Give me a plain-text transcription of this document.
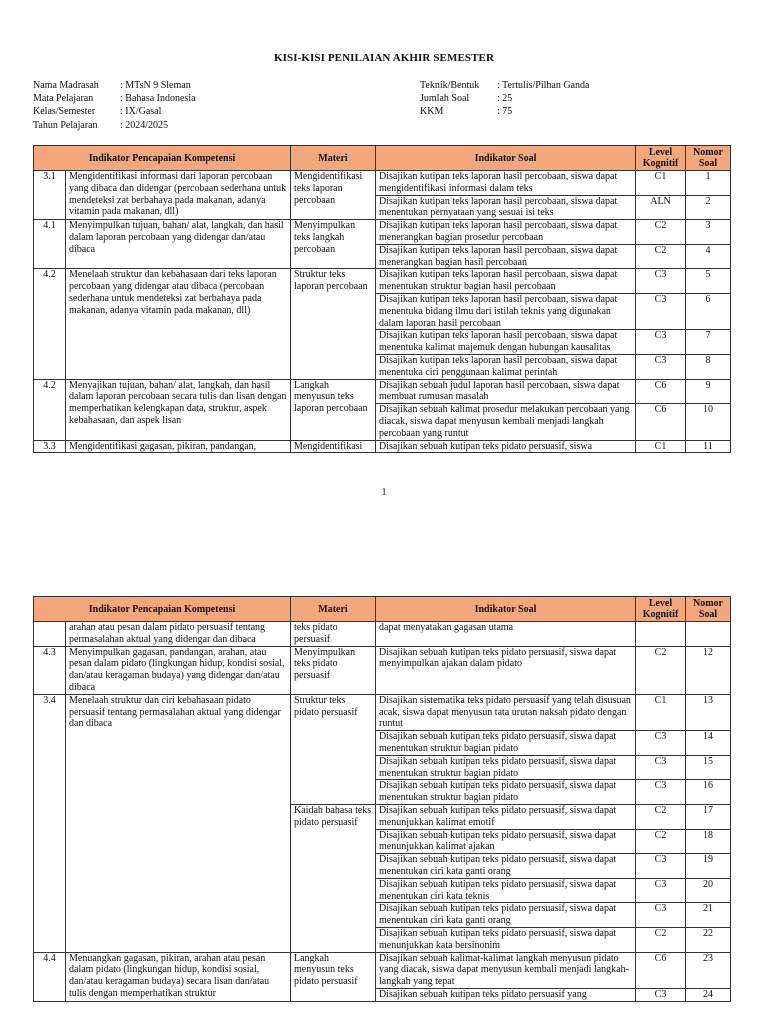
KISI-KISI PENILAIAN AKHIR SEMESTER
Nama Madrasah	: MTsN 9 Sleman
Mata Pelajaran	: Bahasa Indonesia
Kelas/Semester	: IX/Gasal
Tahun Pelajaran	: 2024/2025
Teknik/Bentuk	: Tertulis/Pilhan Ganda
Jumlah Soal	: 25
KKM	: 75
Indikator Pencapaian Kompetensi		Materi	Indikator Soal	Level Kognitif	Nomor Soal
3.1	Mengidentifikasi informasi dari laporan percobaan yang dibaca dan didengar (percobaan sederhana untuk mendeteksi zat berbahaya pada makanan, adanya vitamin pada makanan, dll)	Mengidentifikasi teks laporan percobaan	Disajikan kutipan teks laporan hasil percobaan, siswa dapat mengidentifikasi informasi dalam teks	C1	1
			Disajikan kutipan teks laporan hasil percobaan, siswa dapat menentukan pernyataan yang sesuai isi teks	ALN	2
4.1	Menyimpulkan tujuan, bahan/ alat, langkah, dan hasil dalam laporan percobaan yang didengar dan/atau dibaca	Menyimpulkan teks langkah percobaan	Disajikan kutipan teks laporan hasil percobaan, siswa dapat menerangkan bagian prosedur percobaan	C2	3
			Disajikan kutipan teks laporan hasil percobaan, siswa dapat menerangkan bagian hasil percobaan	C2	4
4.2	Menelaah struktur dan kebahasaan dari teks laporan percobaan yang didengar atau dibaca (percobaan sederhana untuk mendeteksi zat berbahaya pada makanan, adanya vitamin pada makanan, dll)	Struktur teks laporan percobaan	Disajikan kutipan teks laporan hasil percobaan, siswa dapat menentukan struktur bagian hasil percobaan	C3	5
			Disajikan kutipan teks laporan hasil percobaan, siswa dapat menentuka bidang ilmu dari istilah teknis yang digunakan dalam laporan hasil percobaan	C3	6
			Disajikan kutipan teks laporan hasil percobaan, siswa dapat menentuka kalimat majemuk dengan hubungan kausalitas	C3	7
			Disajikan kutipan teks laporan hasil percobaan, siswa dapat menentuka ciri penggunaan kalimat perintah	C3	8
4.2	Menyajikan tujuan, bahan/ alat, langkah, dan hasil dalam laporan percobaan secara tulis dan lisan dengan memperhatikan kelengkapan data, struktur, aspek kebahasaan, dan aspek lisan	Langkah menyusun teks laporan percobaan	Disajikan sebuah judul laporan hasil percobaan, siswa dapat membuat rumusan masalah	C6	9
			Disajikan sebuah kalimat prosedur melakukan percobaan yang diacak, siswa dapat menyusun kembali menjadi langkah percobaan yang runtut	C6	10
3.3	Mengidentifikasi gagasan, pikiran, pandangan,	Mengidentifikasi	Disajikan sebuah kutipan teks pidato persuasif, siswa	C1	11
1
Indikator Pencapaian Kompetensi		Materi	Indikator Soal	Level Kognitif	Nomor Soal
	arahan atau pesan dalam pidato persuasif tentang permasalahan aktual yang didengar dan dibaca	teks pidato persuasif	dapat menyatakan gagasan utama		
4.3	Menyimpulkan gagasan, pandangan, arahan, atau pesan dalam pidato (lingkungan hidup, kondisi sosial, dan/atau keragaman budaya) yang didengar dan/atau dibaca	Menyimpulkan teks pidato persuasif	Disajikan sebuah kutipan teks pidato persuasif, siswa dapat menyimpulkan ajakan dalam pidato	C2	12
3.4	Menelaah struktur dan ciri kebahasaan pidato persuasif tentang permasalahan aktual yang didengar dan dibaca	Struktur teks pidato persuasif	Disajikan sistematika teks pidato persuasif yang telah disusuan acak, siswa dapat menyusun tata urutan naksah pidato dengan runtut	C1	13
			Disajikan sebuah kutipan teks pidato persuasif, siswa dapat menentukan struktur bagian pidato	C3	14
			Disajikan sebuah kutipan teks pidato persuasif, siswa dapat menentukan struktur bagian pidato	C3	15
			Disajikan sebuah kutipan teks pidato persuasif, siswa dapat menentukan struktur bagian pidato	C3	16
		Kaidah bahasa teks pidato persuasif	Disajikan sebuah kutipan teks pidato persuasif, siswa dapat menunjukkan kalimat emotif	C2	17
			Disajikan sebuah kutipan teks pidato persuasif, siswa dapat menunjukkan kalimat ajakan	C2	18
			Disajikan sebuah kutipan teks pidato persuasif, siswa dapat menentukan ciri kata ganti orang	C3	19
			Disajikan sebuah kutipan teks pidato persuasif, siswa dapat menentukan ciri kata teknis	C3	20
			Disajikan sebuah kutipan teks pidato persuasif, siswa dapat menentukan ciri kata ganti orang	C3	21
			Disajikan sebuah kutipan teks pidato persuasif, siswa dapat menunjukkan kata bersinonim	C2	22
4.4	Menuangkan gagasan, pikiran, arahan atau pesan dalam pidato (lingkungan hidup, kondisi sosial, dan/atau keragaman budaya) secara lisan dan/atau tulis dengan memperhatikan struktur	Langkah menyusun teks pidato persuasif	Disajikan sebuah kalimat-kalimat langkah menyusun pidato yang diacak, siswa dapat menyusun kembali menjadi langkah-langkah yang tepat	C6	23
			Disajikan sebuah kutipan teks pidato persuasif yang	C3	24
